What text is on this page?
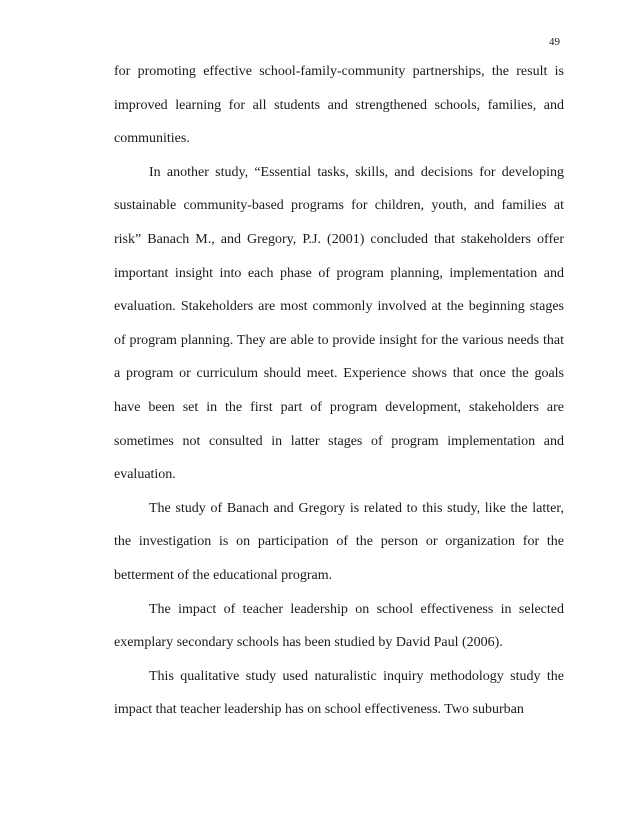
49

for promoting effective school-family-community partnerships, the result is improved learning for all students and strengthened schools, families, and communities.

In another study, “Essential tasks, skills, and decisions for developing sustainable community-based programs for children, youth, and families at risk” Banach M., and Gregory, P.J. (2001) concluded that stakeholders offer important insight into each phase of program planning, implementation and evaluation. Stakeholders are most commonly involved at the beginning stages of program planning. They are able to provide insight for the various needs that a program or curriculum should meet. Experience shows that once the goals have been set in the first part of program development, stakeholders are sometimes not consulted in latter stages of program implementation and evaluation.

The study of Banach and Gregory is related to this study, like the latter, the investigation is on participation of the person or organization for the betterment of the educational program.

The impact of teacher leadership on school effectiveness in selected exemplary secondary schools has been studied by David Paul (2006).

This qualitative study used naturalistic inquiry methodology study the impact that teacher leadership has on school effectiveness. Two suburban
